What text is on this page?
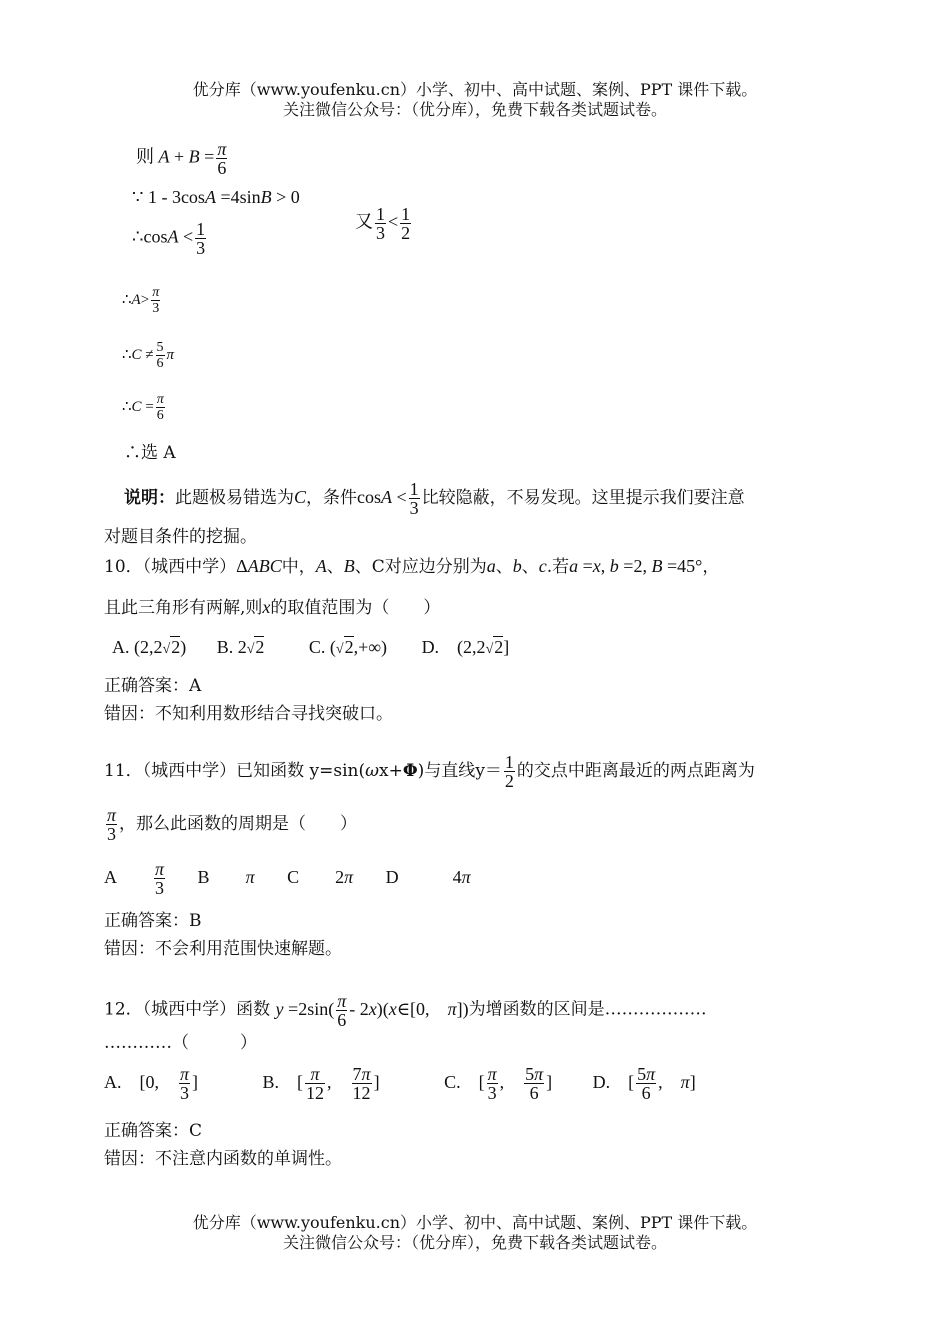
优分库（www.youfenku.cn）小学、初中、高中试题、案例、PPT 课件下载。
关注微信公众号：（优分库），免费下载各类试题试卷。
则 $A + B = \frac{\pi}{6}$
∵ 1 - 3cosA =4sinB > 0
∴cosA < $\frac{1}{3}$	又 $\frac{1}{3} < \frac{1}{2}$
∴A> $\frac{\pi}{3}$
∴C ≠ $\frac{5}{6}$ π
∴C = $\frac{\pi}{6}$
∴选 A
说明：此题极易错选为C，条件$\cos A < \frac{1}{3}$ 比较隐蔽，不易发现。这里提示我们要注意
对题目条件的挖掘。
10．（城西中学）ΔABC中，A、B、C对应边分别为a、b、c.若a =x, b =2, B =45°，
且此三角形有两解,则x的取值范围为（　　）
A. (2,2√2) B. 2√2 C. (√2,+∞) D.　(2,2√2]
正确答案：A
错因：不知利用数形结合寻找突破口。
11．（城西中学）已知函数 y=sin(ωx+Φ)与直线$y= \frac{1}{2}$ 的交点中距离最近的两点距离为
$\frac{\pi}{3}$ ，那么此函数的周期是（　　）
A　　 $\frac{\pi}{3}$ B　　π C　　2π D　　　4π
正确答案：B
错因：不会利用范围快速解题。
12．（城西中学）函数 $y =2\sin( \frac{\pi}{6}$ - 2x)(x∈[0,　π])为增函数的区间是………………
…………（　　　）
A.　[0,　 $\frac{\pi}{3}$ ]	B.　[ $\frac{\pi}{12}$ ,　 $\frac{7\pi}{12}$ ]	C.　[ $\frac{\pi}{3}$ ,　 $\frac{5\pi}{6}$ ] D.　[ $\frac{5\pi}{6}$ ,　π]
正确答案：C
错因：不注意内函数的单调性。
优分库（www.youfenku.cn）小学、初中、高中试题、案例、PPT 课件下载。
关注微信公众号：（优分库），免费下载各类试题试卷。
